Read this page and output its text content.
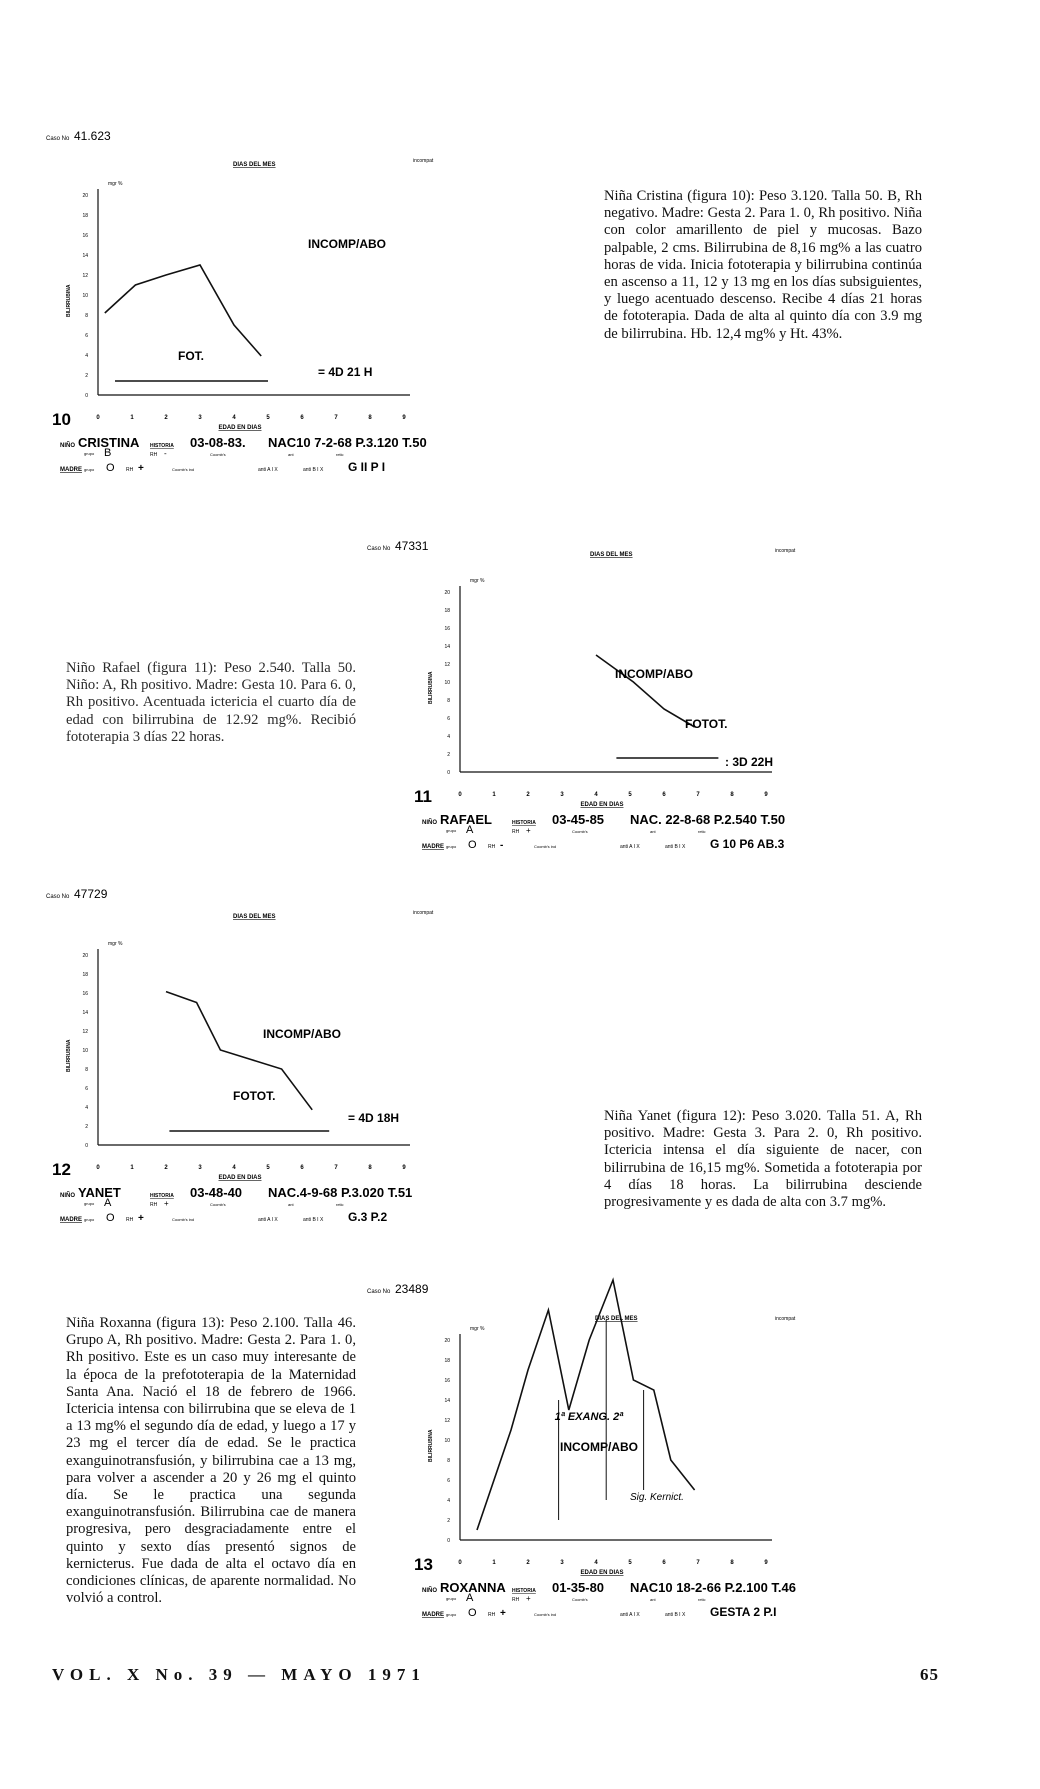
Caso No 41.623
DIAS DEL MES
incompat
mgr %
BILIRRUBINA
0
2
4
6
8
10
12
14
16
18
20
0	1	2	3	4	5	6	7	8	9
EDAD EN DIAS
10
INCOMP/ABO
FOT.
= 4D 21 H
NIÑO CRISTINA
grupo B
HISTORIA
RH -
03-08-83.
Coomb's
NAC10 7-2-68 P.3.120 T.50
ant	retic
MADRE grupo O RH +	Coomb's ind	anti A I X	anti B I X G II P I
Niña Cristina (figura 10): Peso 3.120. Talla 50. B, Rh negativo. Madre: Gesta 2. Para 1. 0, Rh positivo. Niña con color amarillento de piel y mucosas. Bazo palpable, 2 cms. Bilirrubina de 8,16 mg% a las cuatro horas de vida. Inicia fototerapia y bilirrubina continúa en ascenso a 11, 12 y 13 mg en los días subsiguientes, y luego acentuado descenso. Recibe 4 días 21 horas de fototerapia. Dada de alta al quinto día con 3.9 mg de bilirrubina. Hb. 12,4 mg% y Ht. 43%.
Caso No 47331
DIAS DEL MES
incompat
mgr %
BILIRRUBINA
0
2
4
6
8
10
12
14
16
18
20
0	1	2	3	4	5	6	7	8	9
EDAD EN DIAS
11
INCOMP/ABO
FOTOT.
: 3D 22H
NIÑO RAFAEL
grupo A
HISTORIA
RH +
03-45-85
Coomb's
NAC. 22-8-68 P.2.540 T.50
ant	retic
MADRE grupo O RH -	Coomb's ind	anti A I X	anti B I X G 10 P6 AB.3
Niño Rafael (figura 11): Peso 2.540. Talla 50. Niño: A, Rh positivo. Madre: Gesta 10. Para 6. 0, Rh positivo. Acentuada ictericia el cuarto día de edad con bilirrubina de 12.92 mg%. Recibió fototerapia 3 días 22 horas.
Caso No 47729
DIAS DEL MES
incompat
mgr %
BILIRRUBINA
0
2
4
6
8
10
12
14
16
18
20
0	1	2	3	4	5	6	7	8	9
EDAD EN DIAS
12
INCOMP/ABO
FOTOT.
= 4D 18H
NIÑO YANET
grupo A
HISTORIA
RH +
03-48-40
Coomb's
NAC.4-9-68 P.3.020 T.51
ant	retic
MADRE grupo O RH +	Coomb's ind	anti A I X	anti B I X G.3 P.2
Niña Yanet (figura 12): Peso 3.020. Talla 51. A, Rh positivo. Madre: Gesta 3. Para 2. 0, Rh positivo. Ictericia intensa el día siguiente de nacer, con bilirrubina de 16,15 mg%. Sometida a fototerapia por 4 días 18 horas. La bilirrubina desciende progresivamente y es dada de alta con 3.7 mg%.
Caso No 23489
DIAS DEL MES	incompat
mgr %
BILIRRUBINA
0
2
4
6
8
10
12
14
16
18
20
0	1	2	3	4	5	6	7	8	9
EDAD EN DIAS
13
INCOMP/ABO
1ª EXANG. 2ª
Sig. Kernict.
NIÑO ROXANNA
grupo A
HISTORIA
RH +
01-35-80
Coomb's
NAC10 18-2-66 P.2.100 T.46
ant	retic
MADRE grupo O RH +	Coomb's ind	anti A I X	anti B I X GESTA 2 P.I
Niña Roxanna (figura 13): Peso 2.100. Talla 46. Grupo A, Rh positivo. Madre: Gesta 2. Para 1. 0, Rh positivo. Este es un caso muy interesante de la época de la prefototerapia de la Maternidad Santa Ana. Nació el 18 de febrero de 1966. Ictericia intensa con bilirrubina que se eleva de 1 a 13 mg% el segundo día de edad, y luego a 17 y 23 mg el tercer día de edad. Se le practica exanguinotransfusión, y bilirrubina cae a 13 mg, para volver a ascender a 20 y 26 mg el quinto día. Se le practica una segunda exanguinotransfusión. Bilirrubina cae de manera progresiva, pero desgraciadamente entre el quinto y sexto días presentó signos de kernicterus. Fue dada de alta el octavo día en condiciones clínicas, de aparente normalidad. No volvió a control.
VOL. X No. 39 — MAYO 1971	65
